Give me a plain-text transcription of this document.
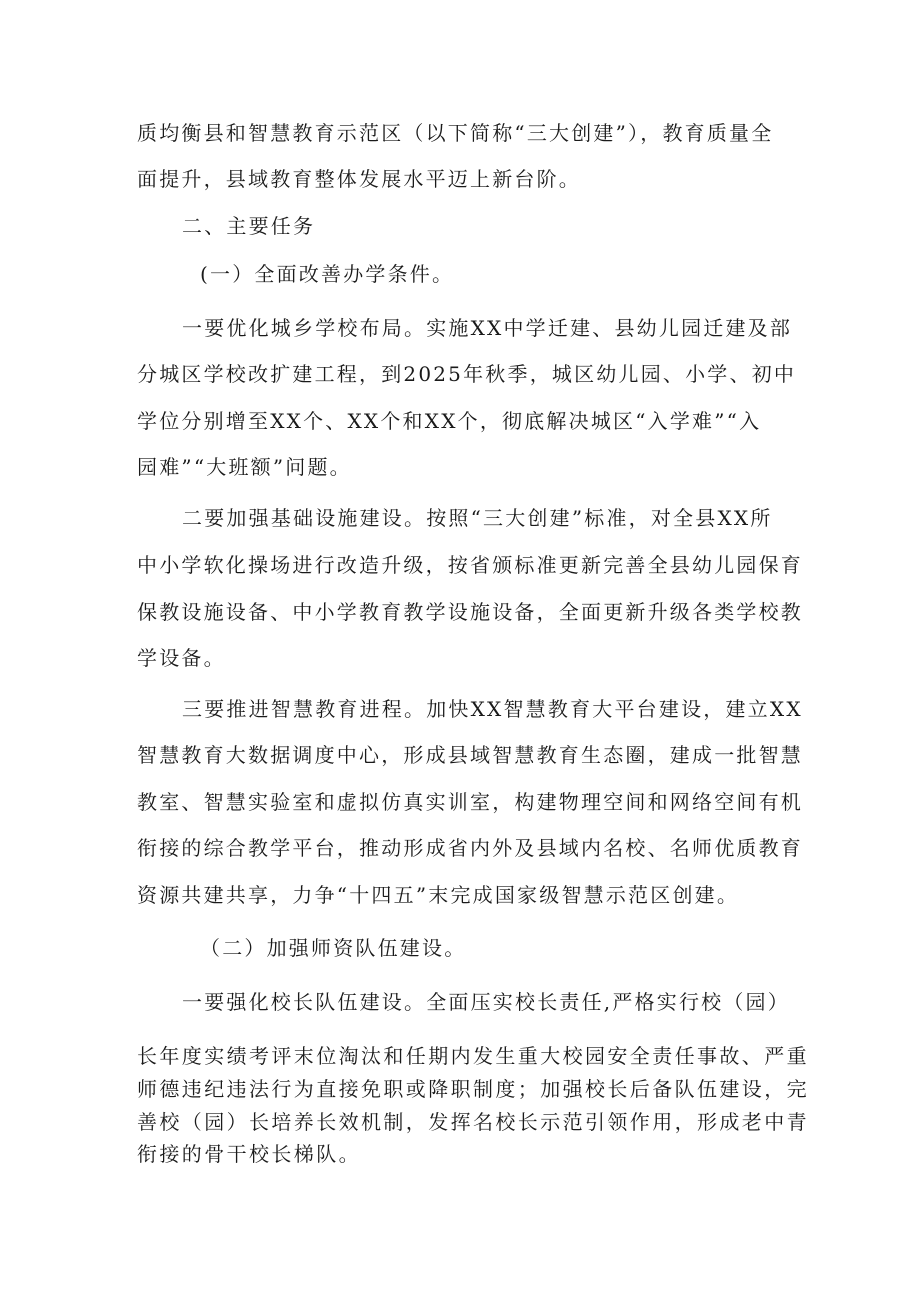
质均衡县和智慧教育示范区（以下简称“三大创建”），教育质量全
面提升，县域教育整体发展水平迈上新台阶。
二、主要任务
(一）全面改善办学条件。
一要优化城乡学校布局。实施XX中学迁建、县幼儿园迁建及部
分城区学校改扩建工程，到2025年秋季，城区幼儿园、小学、初中
学位分别增至XX个、XX个和XX个，彻底解决城区“入学难”“入
园难”“大班额”问题。
二要加强基础设施建设。按照“三大创建”标准，对全县XX所
中小学软化操场进行改造升级，按省颁标准更新完善全县幼儿园保育
保教设施设备、中小学教育教学设施设备，全面更新升级各类学校教
学设备。
三要推进智慧教育进程。加快XX智慧教育大平台建设，建立XX
智慧教育大数据调度中心，形成县域智慧教育生态圈，建成一批智慧
教室、智慧实验室和虚拟仿真实训室，构建物理空间和网络空间有机
衔接的综合教学平台，推动形成省内外及县域内名校、名师优质教育
资源共建共享，力争“十四五”末完成国家级智慧示范区创建。
（二）加强师资队伍建设。
一要强化校长队伍建设。全面压实校长责任,严格实行校（园）
长年度实绩考评末位淘汰和任期内发生重大校园安全责任事故、严重
师德违纪违法行为直接免职或降职制度；加强校长后备队伍建设，完
善校（园）长培养长效机制，发挥名校长示范引领作用，形成老中青
衔接的骨干校长梯队。
